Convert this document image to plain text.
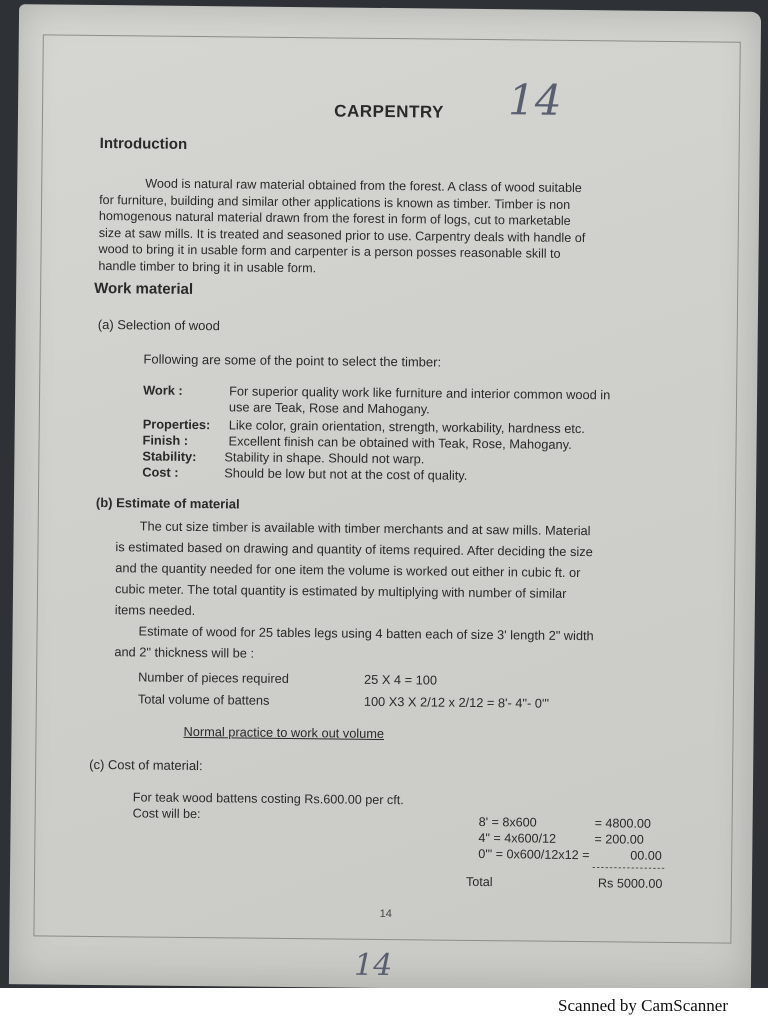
14
CARPENTRY
Introduction
Wood is natural raw material obtained from the forest. A class of wood suitable
for furniture, building and similar other applications is known as timber. Timber is non
homogenous natural material drawn from the forest in form of logs, cut to marketable
size at saw mills. It is treated and seasoned prior to use. Carpentry deals with handle of
wood to bring it in usable form and carpenter is a person posses reasonable skill to
handle timber to bring it in usable form.
Work material
(a) Selection of wood
Following are some of the point to select the timber:
Work :	For superior quality work like furniture and interior common wood in
use are Teak, Rose and Mahogany.
Properties: Like color, grain orientation, strength, workability, hardness etc.
Finish :	Excellent finish can be obtained with Teak, Rose, Mahogany.
Stability: Stability in shape. Should not warp.
Cost :	Should be low but not at the cost of quality.
(b) Estimate of material
The cut size timber is available with timber merchants and at saw mills. Material
is estimated based on drawing and quantity of items required. After deciding the size
and the quantity needed for one item the volume is worked out either in cubic ft. or
cubic meter. The total quantity is estimated by multiplying with number of similar
items needed.
Estimate of wood for 25 tables legs using 4 batten each of size 3' length 2" width
and 2" thickness will be :
Number of pieces required	25 X 4 = 100
Total volume of battens	100 X3 X 2/12 x 2/12 = 8'- 4"- 0'"
Normal practice to work out volume
(c) Cost of material:
For teak wood battens costing Rs.600.00 per cft.
Cost will be:
8' = 8x600	= 4800.00
4" = 4x600/12	= 200.00
0'" = 0x600/12x12 =	00.00
-----------------
Total	Rs 5000.00
14
14
Scanned by CamScanner
